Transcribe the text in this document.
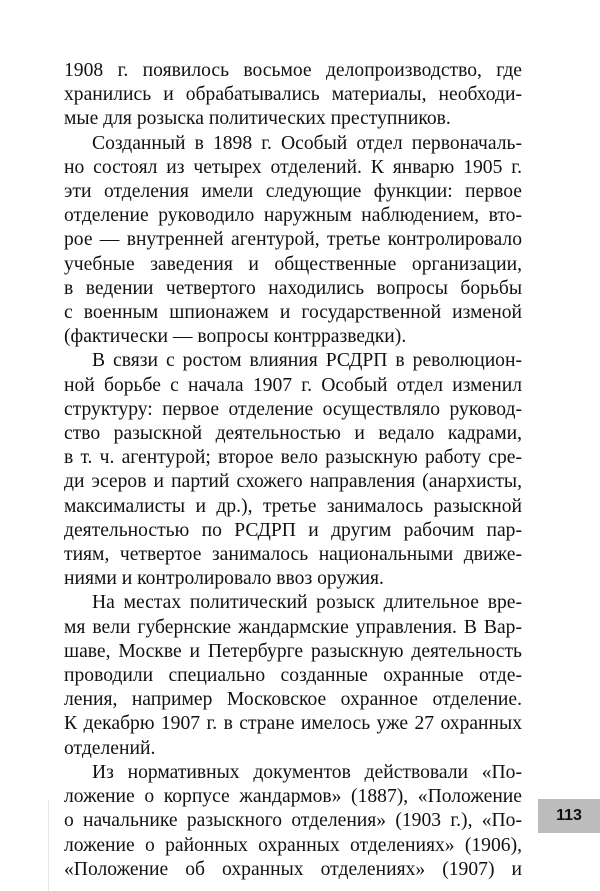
1908 г. появилось восьмое делопроизводство, где
хранились и обрабатывались материалы, необходи-
мые для розыска политических преступников.
Созданный в 1898 г. Особый отдел первоначаль-
но состоял из четырех отделений. К январю 1905 г.
эти отделения имели следующие функции: первое
отделение руководило наружным наблюдением, вто-
рое — внутренней агентурой, третье контролировало
учебные заведения и общественные организации,
в ведении четвертого находились вопросы борьбы
с военным шпионажем и государственной изменой
(фактически — вопросы контрразведки).
В связи с ростом влияния РСДРП в революцион-
ной борьбе с начала 1907 г. Особый отдел изменил
структуру: первое отделение осуществляло руковод-
ство разыскной деятельностью и ведало кадрами,
в т. ч. агентурой; второе вело разыскную работу сре-
ди эсеров и партий схожего направления (анархисты,
максималисты и др.), третье занималось разыскной
деятельностью по РСДРП и другим рабочим пар-
тиям, четвертое занималось национальными движе-
ниями и контролировало ввоз оружия.
На местах политический розыск длительное вре-
мя вели губернские жандармские управления. В Вар-
шаве, Москве и Петербурге разыскную деятельность
проводили специально созданные охранные отде-
ления, например Московское охранное отделение.
К декабрю 1907 г. в стране имелось уже 27 охранных
отделений.
Из нормативных документов действовали «По-
ложение о корпусе жандармов» (1887), «Положение
о начальнике разыскного отделения» (1903 г.), «По-
ложение о районных охранных отделениях» (1906),
«Положение об охранных отделениях» (1907) и
113
